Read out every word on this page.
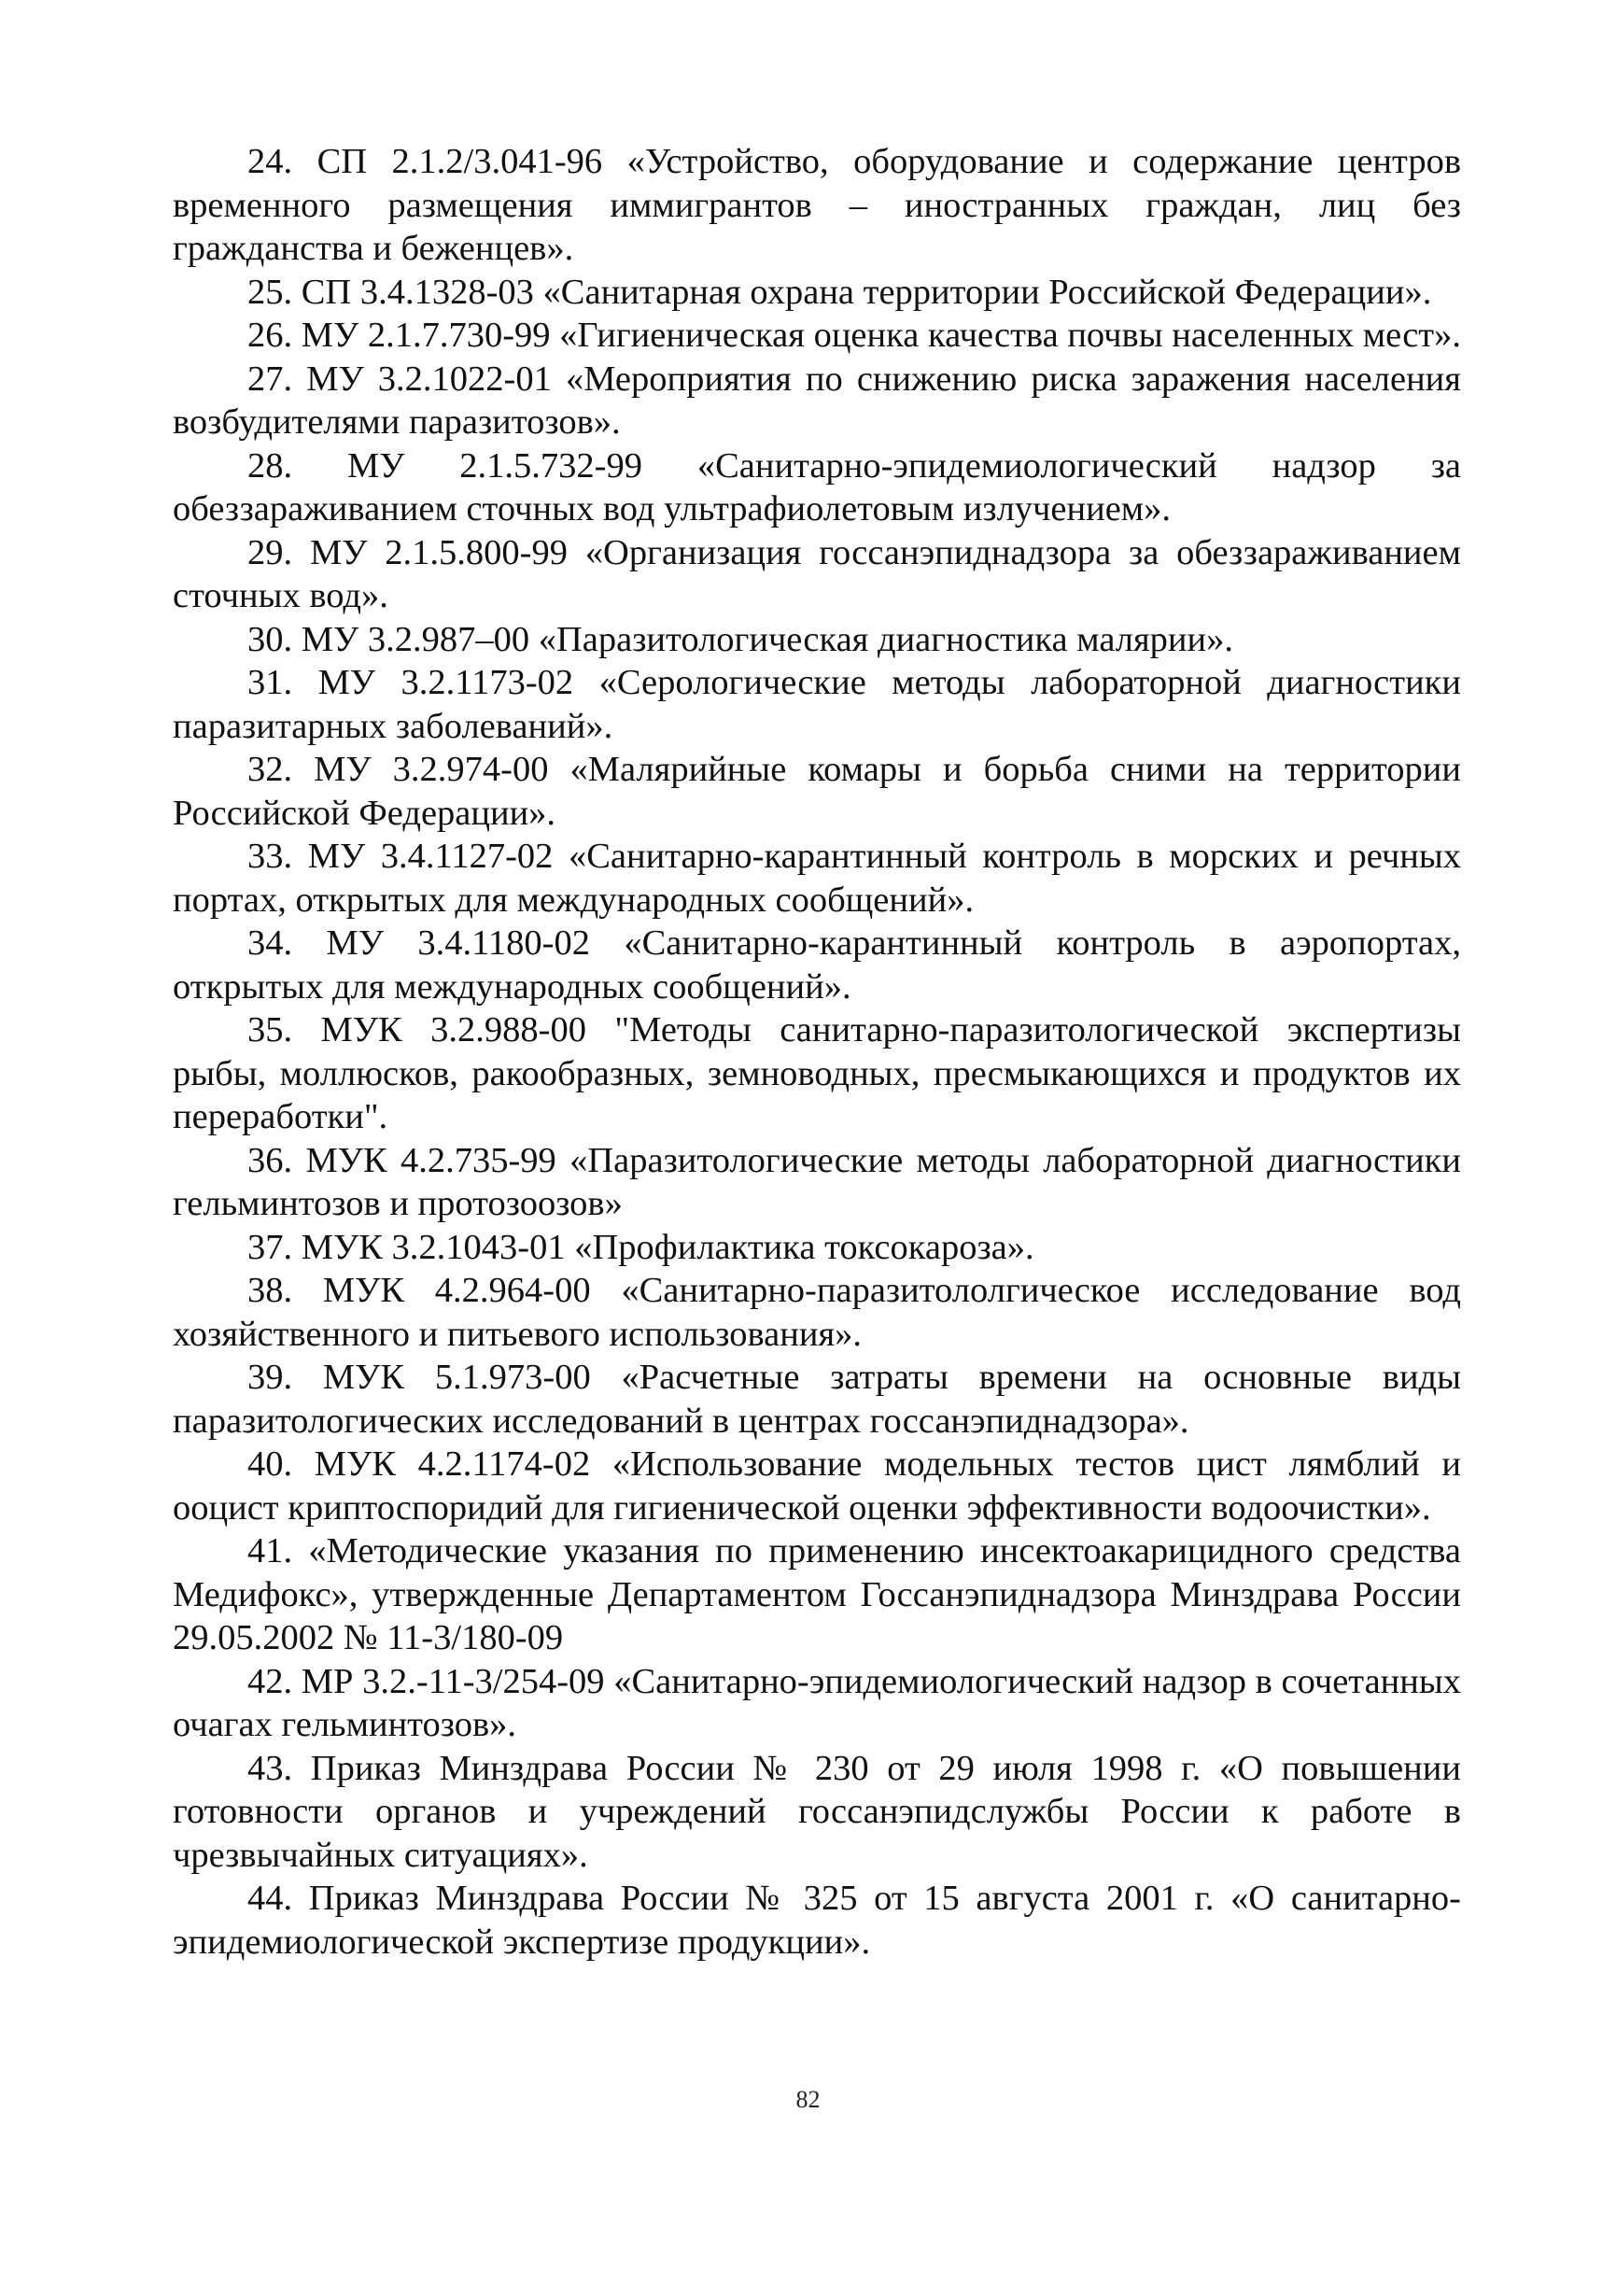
24. СП 2.1.2/3.041-96 «Устройство, оборудование и содержание центров временного размещения иммигрантов – иностранных граждан, лиц без гражданства и беженцев».

25. СП 3.4.1328-03 «Санитарная охрана территории Российской Федерации».

26. МУ 2.1.7.730-99 «Гигиеническая оценка качества почвы населенных мест».

27. МУ 3.2.1022-01 «Мероприятия по снижению риска заражения населения возбудителями паразитозов».

28. МУ 2.1.5.732-99 «Санитарно-эпидемиологический надзор за обеззараживанием сточных вод ультрафиолетовым излучением».

29. МУ 2.1.5.800-99 «Организация госсанэпиднадзора за обеззараживанием сточных вод».

30. МУ 3.2.987–00 «Паразитологическая диагностика малярии».

31. МУ 3.2.1173-02 «Серологические методы лабораторной диагностики паразитарных заболеваний».

32. МУ 3.2.974-00 «Малярийные комары и борьба сними на территории Российской Федерации».

33. МУ 3.4.1127-02 «Санитарно-карантинный контроль в морских и речных портах, открытых для международных сообщений».

34. МУ 3.4.1180-02 «Санитарно-карантинный контроль в аэропортах, открытых для международных сообщений».

35. МУК 3.2.988-00 "Методы санитарно-паразитологической экспертизы рыбы, моллюсков, ракообразных, земноводных, пресмыкающихся и продуктов их переработки".

36. МУК 4.2.735-99 «Паразитологические методы лабораторной диагностики гельминтозов и протозоозов»

37. МУК 3.2.1043-01 «Профилактика токсокароза».

38. МУК 4.2.964-00 «Санитарно-паразитололгическое исследование вод хозяйственного и питьевого использования».

39. МУК 5.1.973-00 «Расчетные затраты времени на основные виды паразитологических исследований в центрах госсанэпиднадзора».

40. МУК 4.2.1174-02 «Использование модельных тестов цист лямблий и ооцист криптоспоридий для гигиенической оценки эффективности водоочистки».

41. «Методические указания по применению инсектоакарицидного средства Медифокс», утвержденные Департаментом Госсанэпиднадзора Минздрава России 29.05.2002 № 11-3/180-09

42. МР 3.2.-11-3/254-09 «Санитарно-эпидемиологический надзор в сочетанных очагах гельминтозов».

43. Приказ Минздрава России № 230 от 29 июля 1998 г. «О повышении готовности органов и учреждений госсанэпидслужбы России к работе в чрезвычайных ситуациях».

44. Приказ Минздрава России № 325 от 15 августа 2001 г. «О санитарно-эпидемиологической экспертизе продукции».

82
